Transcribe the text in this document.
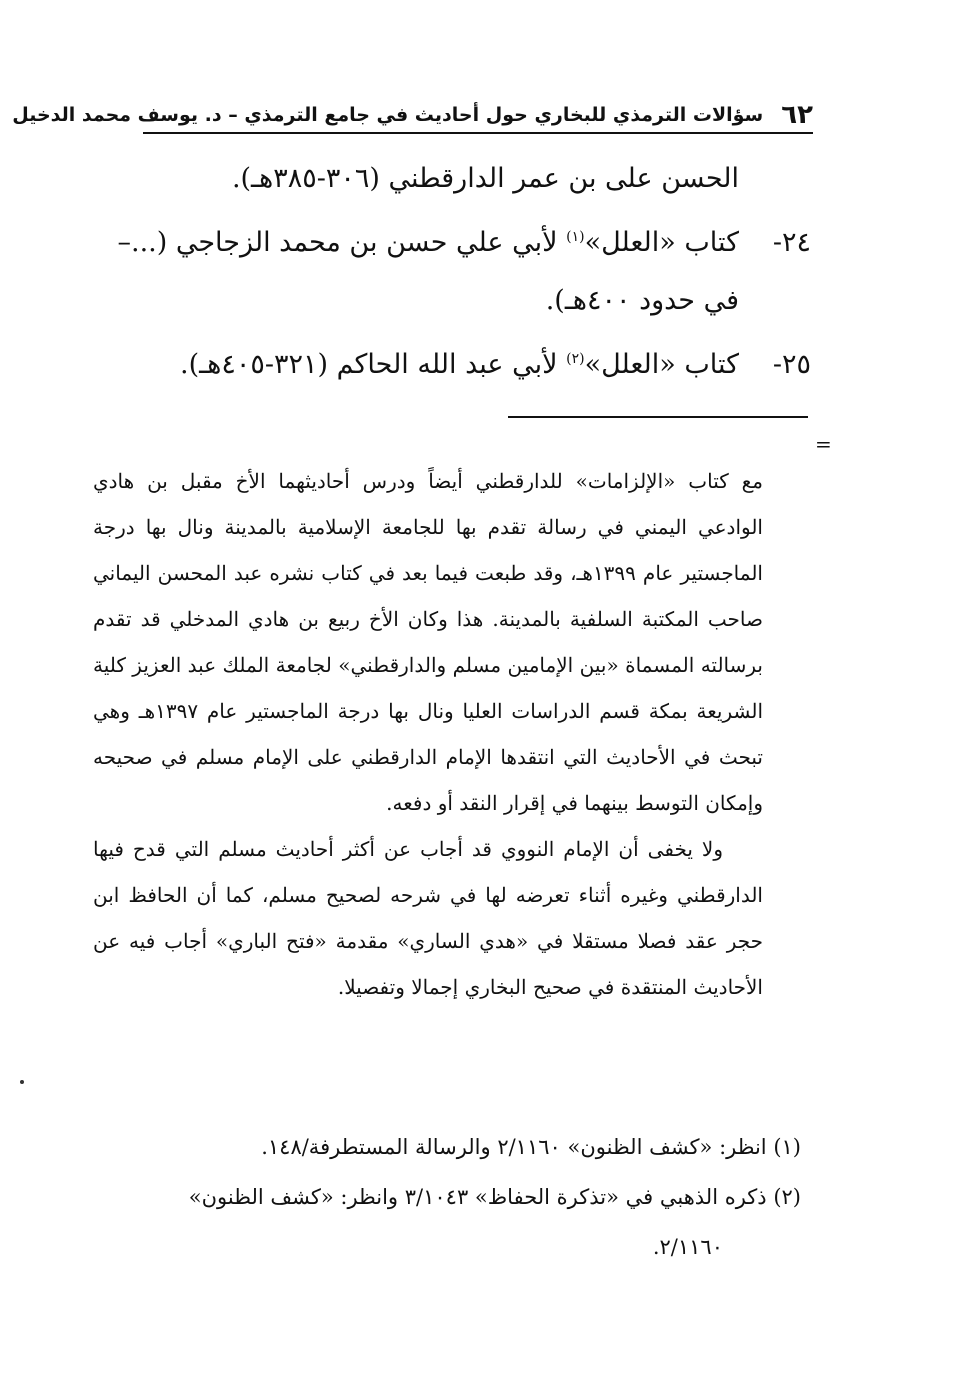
٦٢
سؤالات الترمذي للبخاري حول أحاديث في جامع الترمذي – د. يوسف محمد الدخيل
الحسن على بن عمر الدارقطني (٣٠٦-٣٨٥هـ).
٢٤-كتاب «العلل»$^{(١)}$ لأبي علي حسن بن محمد الزجاجي (...–
في حدود ٤٠٠هـ).
٢٥-كتاب «العلل»$^{(٢)}$ لأبي عبد الله الحاكم (٣٢١-٤٠٥هـ).
=

مع كتاب «الإلزامات» للدارقطني أيضاً ودرس أحاديثهما الأخ مقبل بن هادي الوادعي اليمني في رسالة تقدم بها للجامعة الإسلامية بالمدينة ونال بها درجة الماجستير عام ١٣٩٩هـ، وقد طبعت فيما بعد في كتاب نشره عبد المحسن اليماني صاحب المكتبة السلفية بالمدينة. هذا وكان الأخ ربيع بن هادي المدخلي قد تقدم برسالته المسماة «بين الإمامين مسلم والدارقطني» لجامعة الملك عبد العزيز كلية الشريعة بمكة قسم الدراسات العليا ونال بها درجة الماجستير عام ١٣٩٧هـ وهي تبحث في الأحاديث التي انتقدها الإمام الدارقطني على الإمام مسلم في صحيحه وإمكان التوسط بينهما في إقرار النقد أو دفعه.

ولا يخفى أن الإمام النووي قد أجاب عن أكثر أحاديث مسلم التي قدح فيها الدارقطني وغيره أثناء تعرضه لها في شرحه لصحيح مسلم، كما أن الحافظ ابن حجر عقد فصلا مستقلا في «هدي الساري» مقدمة «فتح الباري» أجاب فيه عن الأحاديث المنتقدة في صحيح البخاري إجمالا وتفصيلا.

(١) انظر: «كشف الظنون» ٢/١١٦٠ والرسالة المستطرفة/١٤٨.

(٢) ذكره الذهبي في «تذكرة الحفاظ» ٣/١٠٤٣ وانظر: «كشف الظنون»

٢/١١٦٠.
